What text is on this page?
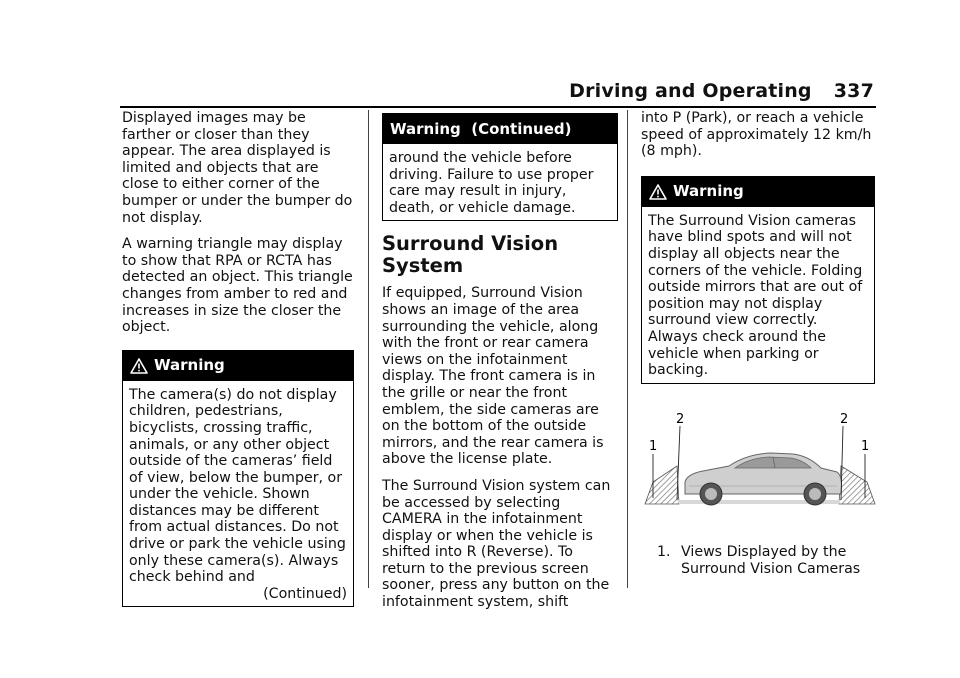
Driving and Operating 337

Displayed images may be farther or closer than they appear. The area displayed is limited and objects that are close to either corner of the bumper or under the bumper do not display.

A warning triangle may display to show that RPA or RCTA has detected an object. This triangle changes from amber to red and increases in size the closer the object.

Warning
The camera(s) do not display children, pedestrians, bicyclists, crossing traffic, animals, or any other object outside of the cameras’ field of view, below the bumper, or under the vehicle. Shown distances may be different from actual distances. Do not drive or park the vehicle using only these camera(s). Always check behind and
(Continued)
Warning  (Continued)
around the vehicle before driving. Failure to use proper care may result in injury, death, or vehicle damage.
Surround Vision System

If equipped, Surround Vision shows an image of the area surrounding the vehicle, along with the front or rear camera views on the infotainment display. The front camera is in the grille or near the front emblem, the side cameras are on the bottom of the outside mirrors, and the rear camera is above the license plate.

The Surround Vision system can be accessed by selecting CAMERA in the infotainment display or when the vehicle is shifted into R (Reverse). To return to the previous screen sooner, press any button on the infotainment system, shift

into P (Park), or reach a vehicle speed of approximately 12 km/h (8 mph).

Warning
The Surround Vision cameras have blind spots and will not display all objects near the corners of the vehicle. Folding outside mirrors that are out of position may not display surround view correctly. Always check around the vehicle when parking or backing.
1
2	2
1
1. Views Displayed by the
Surround Vision Cameras
